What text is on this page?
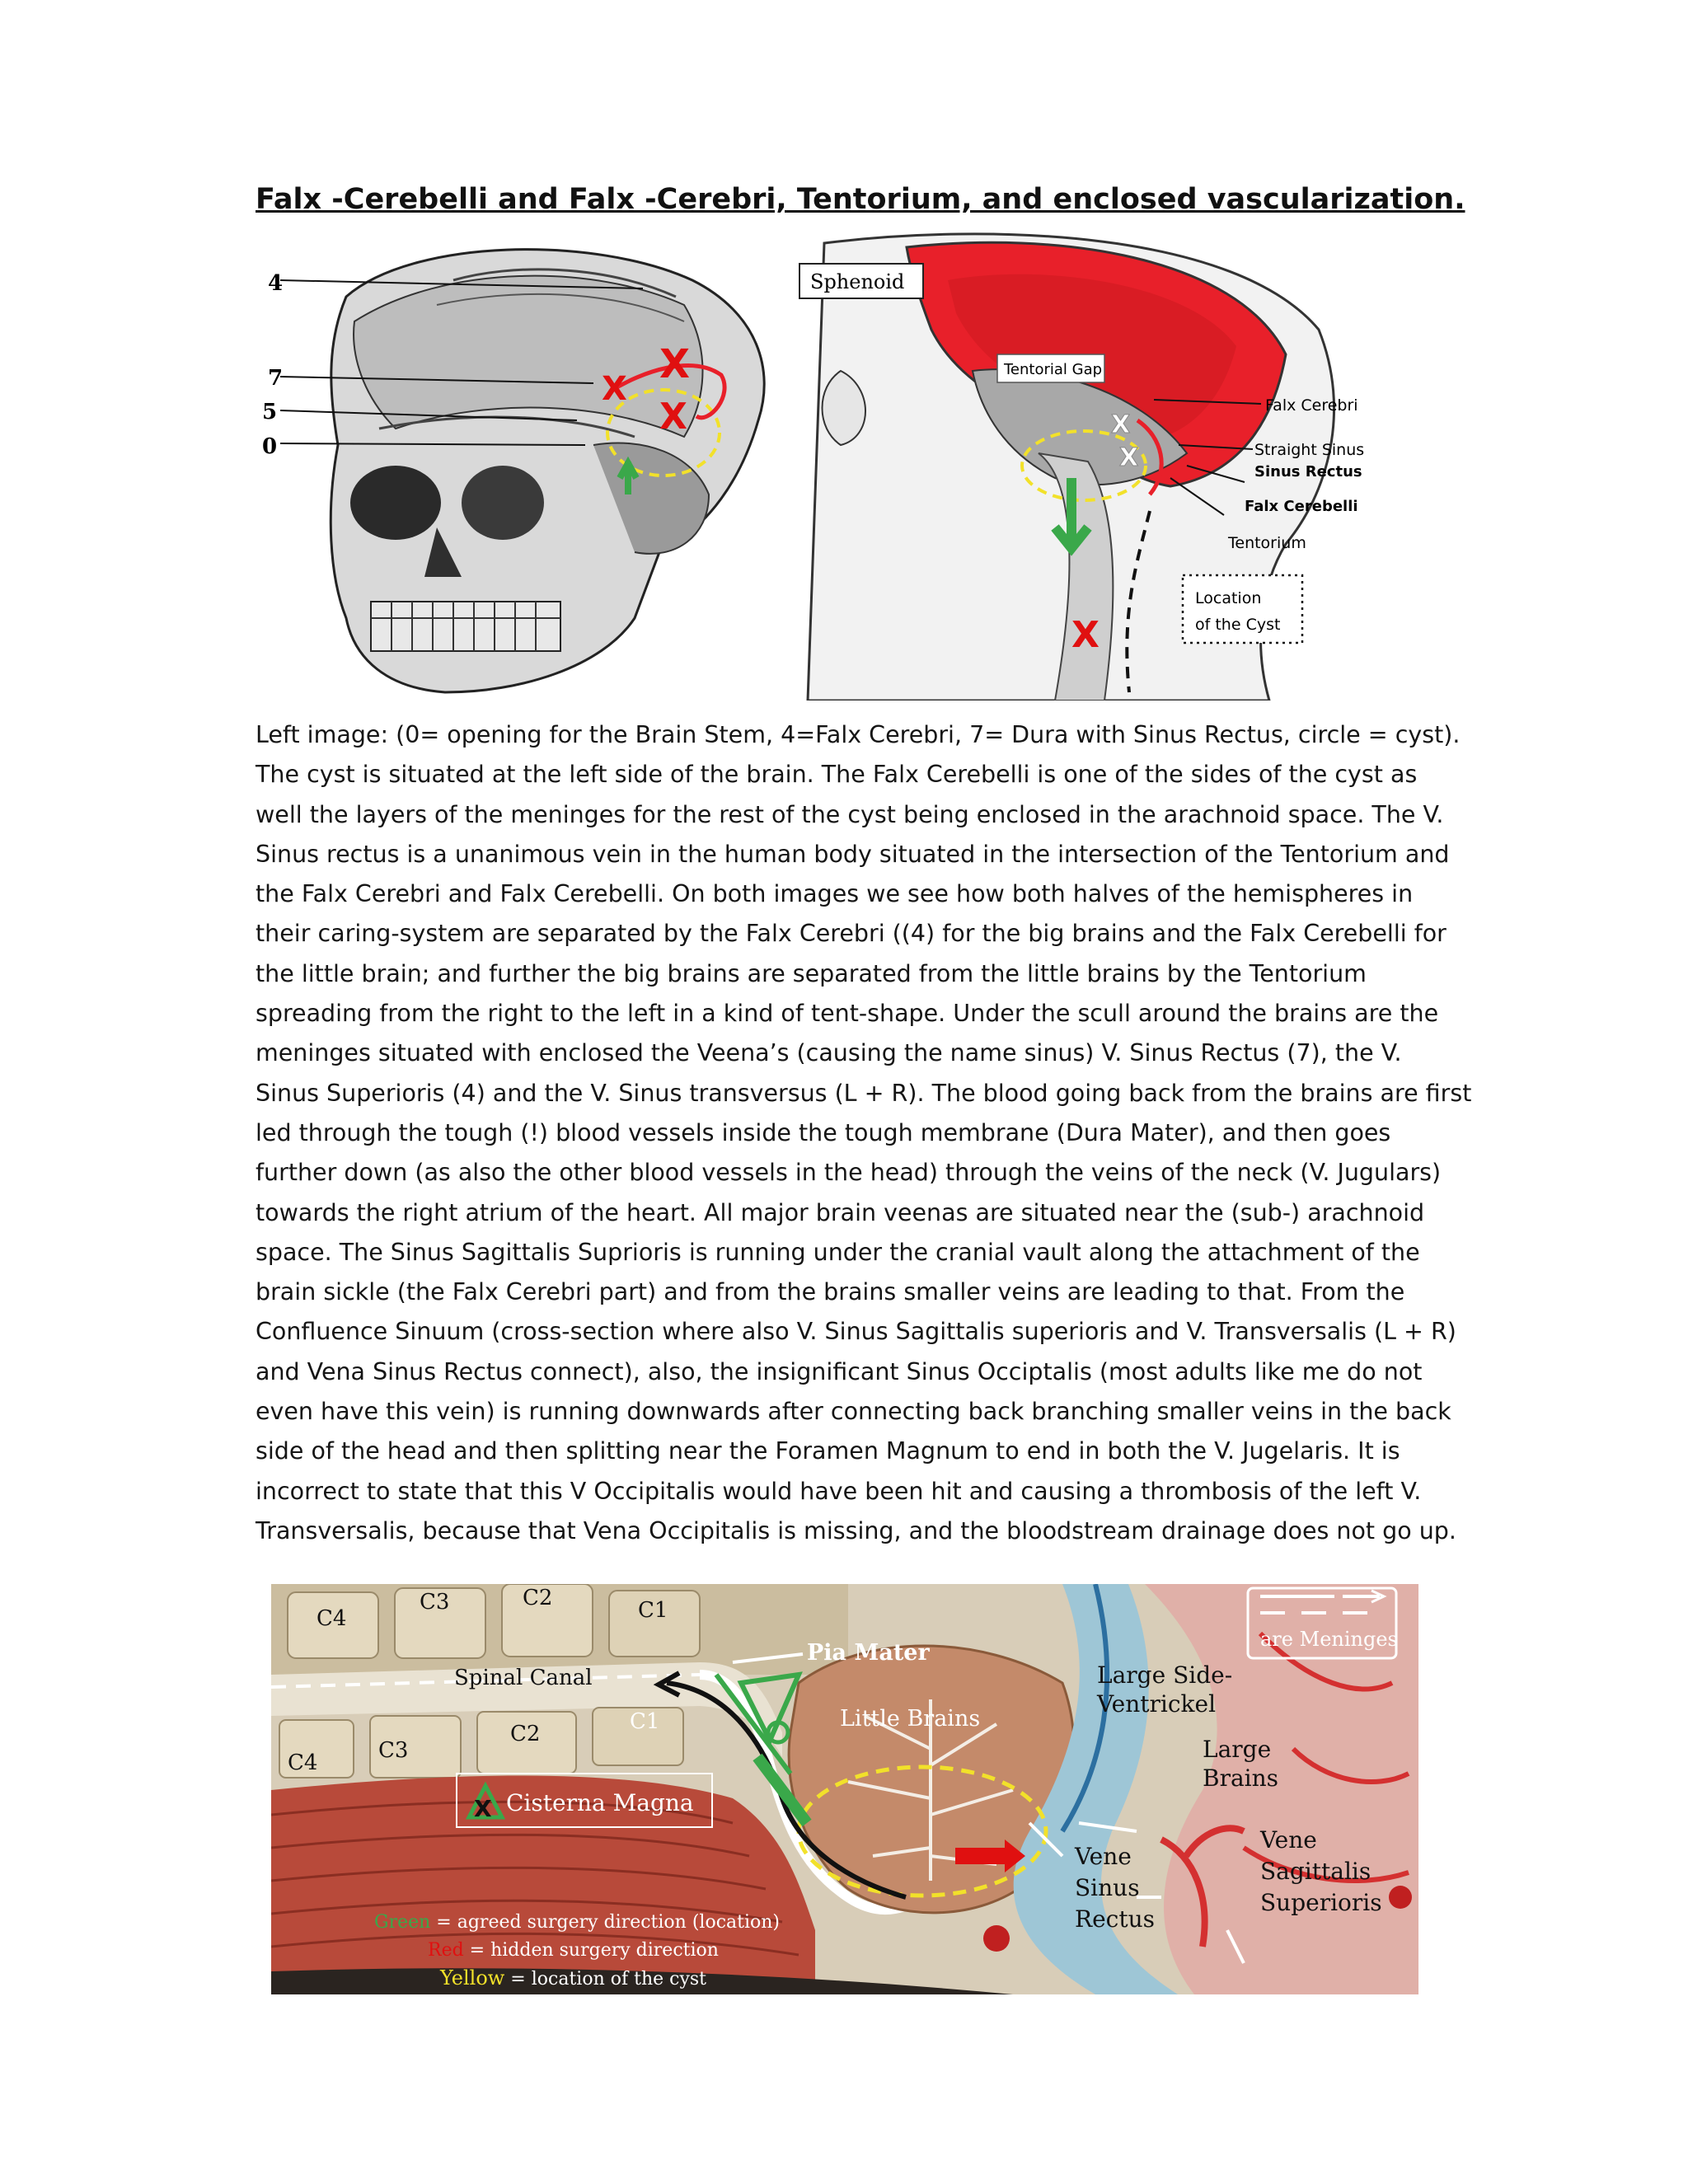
Falx -Cerebelli and Falx -Cerebri, Tentorium, and enclosed vascularization.
4
7
5
0
X
X
X	X
X
Sphenoid
Tentorial Gap
Falx Cerebri
Straight Sinus
Sinus Rectus
Falx Cerebelli
Tentorium
Location
of the Cyst
X

Left image: (0= opening for the Brain Stem, 4=Falx Cerebri, 7= Dura with Sinus Rectus, circle = cyst).

The cyst is situated at the left side of the brain. The Falx Cerebelli is one of the sides of the cyst as

well the layers of the meninges for the rest of the cyst being enclosed in the arachnoid space. The V.

Sinus rectus is a unanimous vein in the human body situated in the intersection of the Tentorium and

the Falx Cerebri and Falx Cerebelli. On both images we see how both halves of the hemispheres in

their caring-system are separated by the Falx Cerebri ((4) for the big brains and the Falx Cerebelli for

the little brain; and further the big brains are separated from the little brains by the Tentorium

spreading from the right to the left in a kind of tent-shape. Under the scull around the brains are the

meninges situated with enclosed the Veena’s (causing the name sinus) V. Sinus Rectus (7), the V.

Sinus Superioris (4) and the V. Sinus transversus (L + R). The blood going back from the brains are first

led through the tough (!) blood vessels inside the tough membrane (Dura Mater), and then goes

further down (as also the other blood vessels in the head) through the veins of the neck (V. Jugulars)

towards the right atrium of the heart. All major brain veenas are situated near the (sub-) arachnoid

space. The Sinus Sagittalis Suprioris is running under the cranial vault along the attachment of the

brain sickle (the Falx Cerebri part) and from the brains smaller veins are leading to that. From the

Confluence Sinuum (cross-section where also V. Sinus Sagittalis superioris and V. Transversalis (L + R)

and Vena Sinus Rectus connect), also, the insignificant Sinus Occiptalis (most adults like me do not

even have this vein) is running downwards after connecting back branching smaller veins in the back

side of the head and then splitting near the Foramen Magnum to end in both the V. Jugelaris. It is

incorrect to state that this V Occipitalis would have been hit and causing a thrombosis of the left V.

Transversalis, because that Vena Occipitalis is missing, and the bloodstream drainage does not go up.

are Meninges
C4
C3	C2	C1
C4	C3
C2	C1
Spinal Canal
Pia Mater
Little Brains
X Cisterna Magna
Large Side-
Ventrickel
Large
Brains
Vene
Sinus
Rectus
Vene
Sagittalis
Superioris
Green = agreed surgery direction (location)
Red = hidden surgery direction
Yellow = location of the cyst
